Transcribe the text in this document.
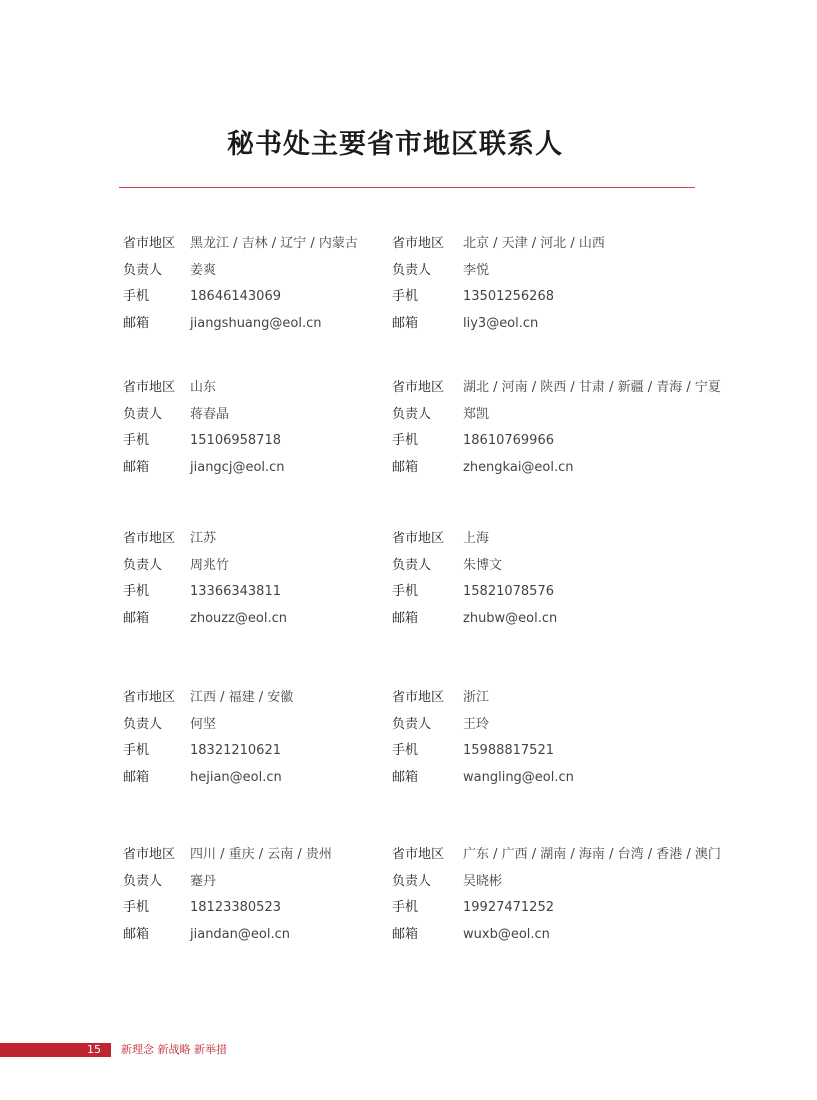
秘书处主要省市地区联系人
省市地区 黑龙江 / 吉林 / 辽宁 / 内蒙古
负责人 姜爽
手机	18646143069
邮箱	jiangshuang@eol.cn
省市地区 北京 / 天津 / 河北 / 山西
负责人 李悦
手机	13501256268
邮箱	liy3@eol.cn
省市地区 山东
负责人 蒋春晶
手机	15106958718
邮箱	jiangcj@eol.cn
省市地区 湖北 / 河南 / 陕西 / 甘肃 / 新疆 / 青海 / 宁夏
负责人 郑凯
手机	18610769966
邮箱	zhengkai@eol.cn
省市地区 江苏
负责人 周兆竹
手机	13366343811
邮箱	zhouzz@eol.cn
省市地区 上海
负责人 朱博文
手机	15821078576
邮箱	zhubw@eol.cn
省市地区 江西 / 福建 / 安徽
负责人 何坚
手机	18321210621
邮箱	hejian@eol.cn
省市地区 浙江
负责人 王玲
手机	15988817521
邮箱	wangling@eol.cn
省市地区 四川 / 重庆 / 云南 / 贵州
负责人 蹇丹
手机	18123380523
邮箱	jiandan@eol.cn
省市地区 广东 / 广西 / 湖南 / 海南 / 台湾 / 香港 / 澳门
负责人 吴晓彬
手机	19927471252
邮箱	wuxb@eol.cn
15 新理念 新战略 新举措
